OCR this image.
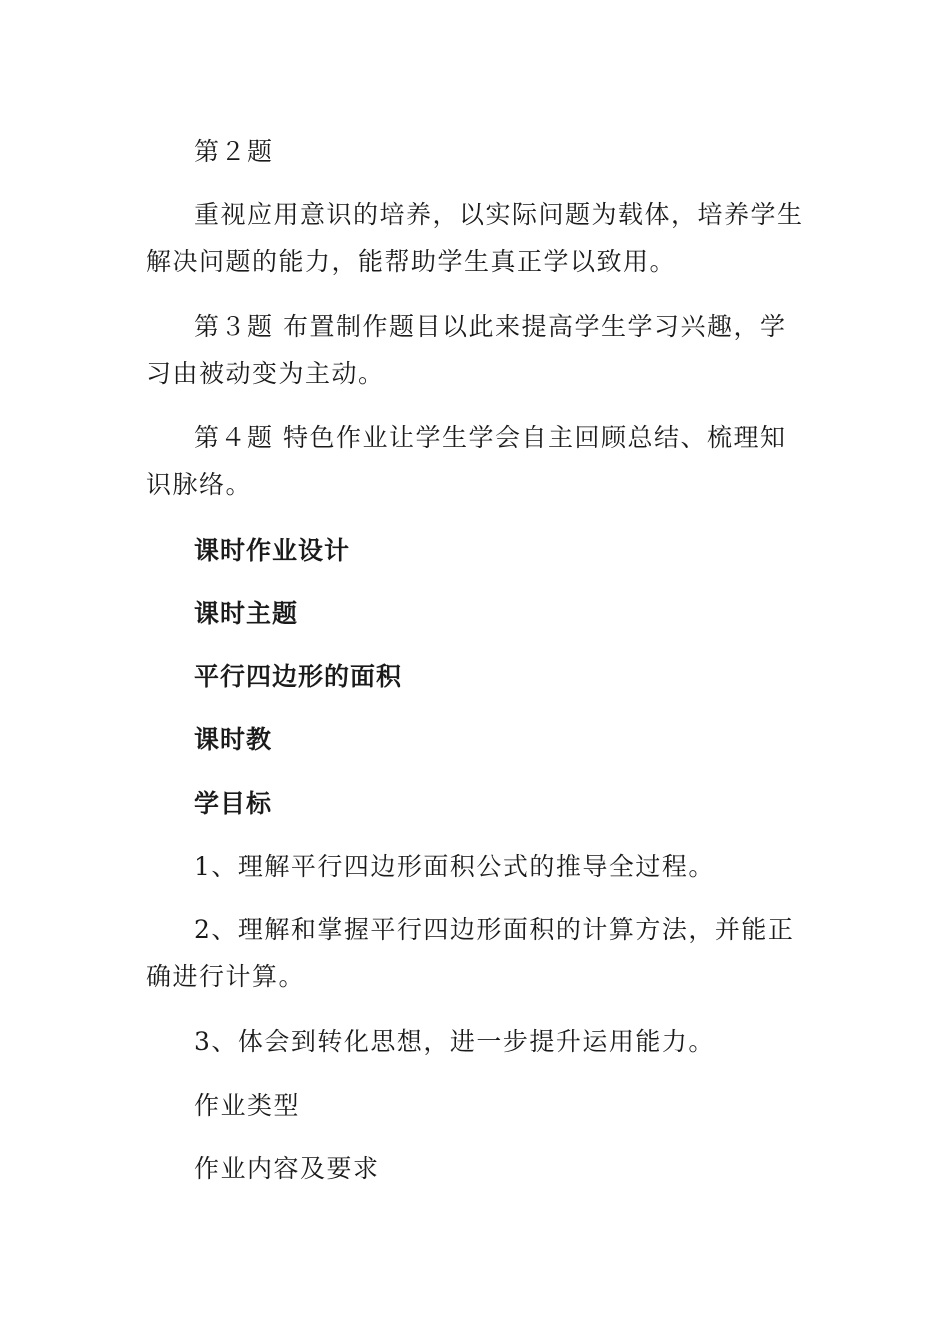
第２题

重视应用意识的培养，以实际问题为载体，培养学生解决问题的能力，能帮助学生真正学以致用。

第３题 布置制作题目以此来提高学生学习兴趣，学习由被动变为主动。

第４题 特色作业让学生学会自主回顾总结、梳理知识脉络。

课时作业设计

课时主题

平行四边形的面积

课时教

学目标

1、理解平行四边形面积公式的推导全过程。

2、理解和掌握平行四边形面积的计算方法，并能正确进行计算。

3、体会到转化思想，进一步提升运用能力。

作业类型

作业内容及要求
